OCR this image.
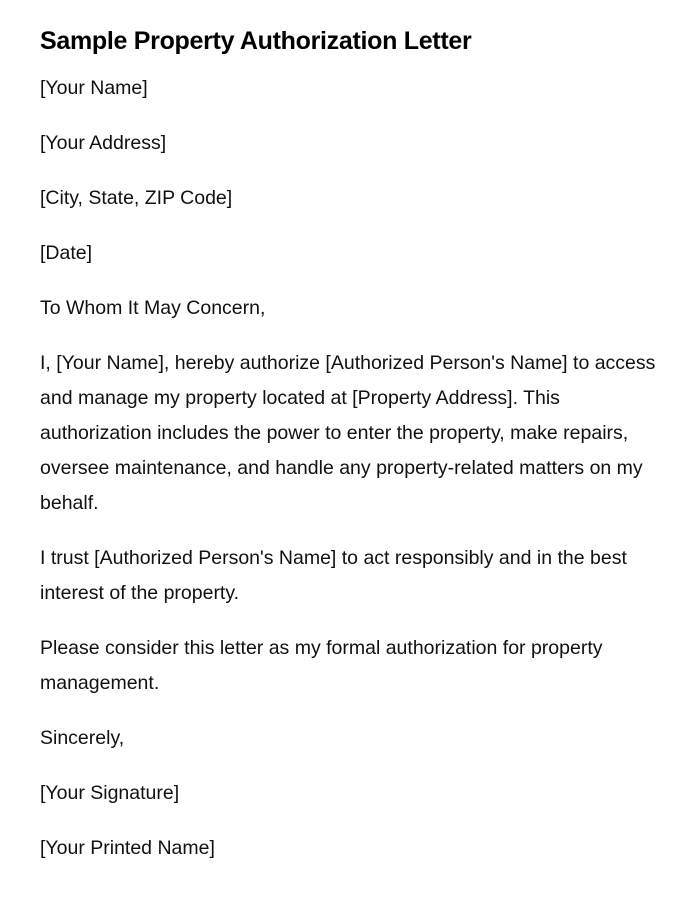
Sample Property Authorization Letter

[Your Name]

[Your Address]

[City, State, ZIP Code]

[Date]

To Whom It May Concern,

I, [Your Name], hereby authorize [Authorized Person's Name] to access and manage my property located at [Property Address]. This authorization includes the power to enter the property, make repairs, oversee maintenance, and handle any property-related matters on my behalf.

I trust [Authorized Person's Name] to act responsibly and in the best interest of the property.

Please consider this letter as my formal authorization for property management.

Sincerely,

[Your Signature]

[Your Printed Name]
